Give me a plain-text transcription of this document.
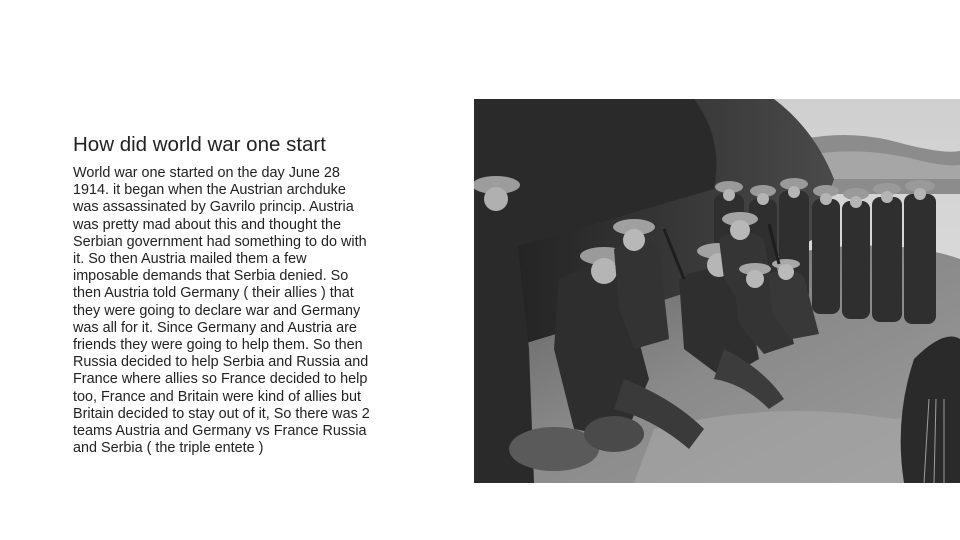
How did world war one start
World war one started on the day June 28 1914. it began when the Austrian archduke was assassinated by Gavrilo princip. Austria was pretty mad about this and thought the Serbian government had something to do with it. So then Austria mailed them a few imposable demands that Serbia denied. So then Austria told Germany ( their allies ) that they were going to declare war and Germany was all for it. Since Germany and Austria are friends they were going to help them. So then Russia decided to help Serbia and Russia and France where allies so France decided to help too, France and Britain were kind of allies but Britain decided to stay out of it, So there was 2 teams Austria and Germany vs France Russia and Serbia ( the triple entete )
